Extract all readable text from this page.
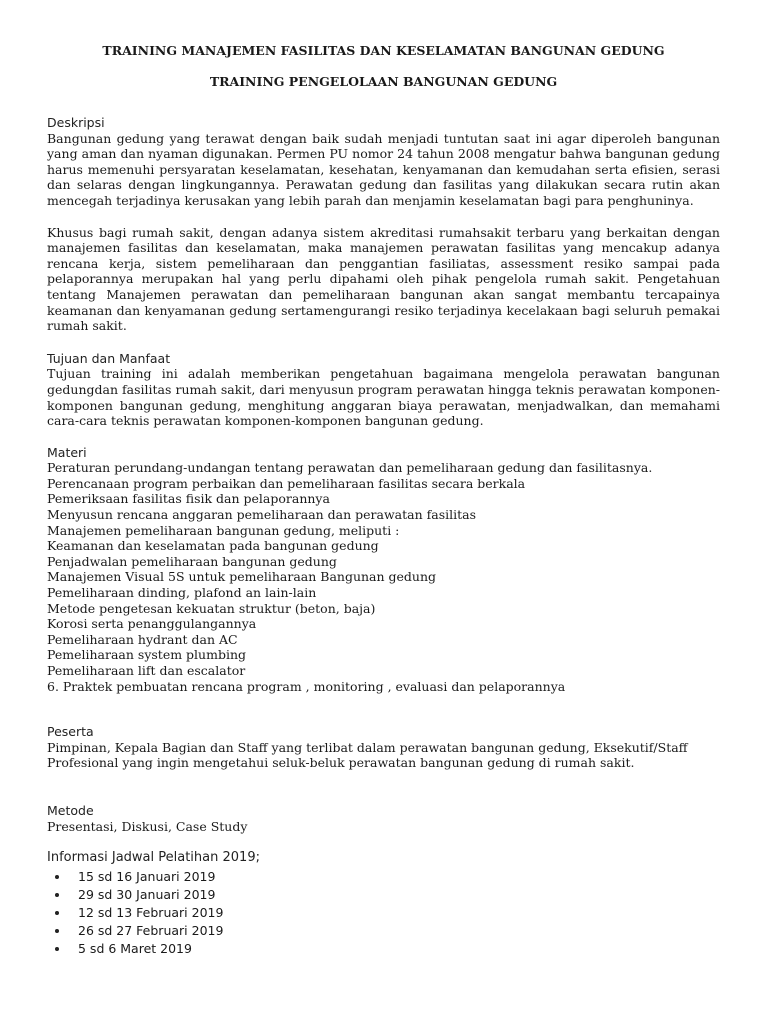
TRAINING MANAJEMEN FASILITAS DAN KESELAMATAN BANGUNAN GEDUNG
TRAINING PENGELOLAAN BANGUNAN GEDUNG
Deskripsi

Bangunan gedung yang terawat dengan baik sudah menjadi tuntutan saat ini agar diperoleh bangunan yang aman dan nyaman digunakan. Permen PU nomor 24 tahun 2008 mengatur bahwa bangunan gedung harus memenuhi persyaratan keselamatan, kesehatan, kenyamanan dan kemudahan serta efisien, serasi dan selaras dengan lingkungannya. Perawatan gedung dan fasilitas yang dilakukan secara rutin akan mencegah terjadinya kerusakan yang lebih parah dan menjamin keselamatan bagi para penghuninya.

Khusus bagi rumah sakit, dengan adanya sistem akreditasi rumahsakit terbaru yang berkaitan dengan manajemen fasilitas dan keselamatan, maka manajemen perawatan fasilitas yang mencakup adanya rencana kerja, sistem pemeliharaan dan penggantian fasiliatas, assessment resiko sampai pada pelaporannya merupakan hal yang perlu dipahami oleh pihak pengelola rumah sakit. Pengetahuan tentang Manajemen perawatan dan pemeliharaan bangunan akan sangat membantu tercapainya keamanan dan kenyamanan gedung sertamengurangi resiko terjadinya kecelakaan bagi seluruh pemakai rumah sakit.

Tujuan dan Manfaat

Tujuan training ini adalah memberikan pengetahuan bagaimana mengelola perawatan bangunan gedungdan fasilitas rumah sakit, dari menyusun program perawatan hingga teknis perawatan komponen-komponen bangunan gedung, menghitung anggaran biaya perawatan, menjadwalkan, dan memahami cara-cara teknis perawatan komponen-komponen bangunan gedung.

Materi
Peraturan perundang-undangan tentang perawatan dan pemeliharaan gedung dan fasilitasnya.
Perencanaan program perbaikan dan pemeliharaan fasilitas secara berkala
Pemeriksaan fasilitas fisik dan pelaporannya
Menyusun rencana anggaran pemeliharaan dan perawatan fasilitas
Manajemen pemeliharaan bangunan gedung, meliputi :
Keamanan dan keselamatan pada bangunan gedung
Penjadwalan pemeliharaan bangunan gedung
Manajemen Visual 5S untuk pemeliharaan Bangunan gedung
Pemeliharaan dinding, plafond an lain-lain
Metode pengetesan kekuatan struktur (beton, baja)
Korosi serta penanggulangannya
Pemeliharaan hydrant dan AC
Pemeliharaan system plumbing
Pemeliharaan lift dan escalator
6. Praktek pembuatan rencana program , monitoring , evaluasi dan pelaporannya
Peserta

Pimpinan, Kepala Bagian dan Staff yang terlibat dalam perawatan bangunan gedung, Eksekutif/Staff Profesional yang ingin mengetahui seluk-beluk perawatan bangunan gedung di rumah sakit.

Metode

Presentasi, Diskusi, Case Study

Informasi Jadwal Pelatihan 2019;
15 sd 16 Januari 2019
29 sd 30 Januari 2019
12 sd 13 Februari 2019
26 sd 27 Februari 2019
5 sd 6 Maret 2019
